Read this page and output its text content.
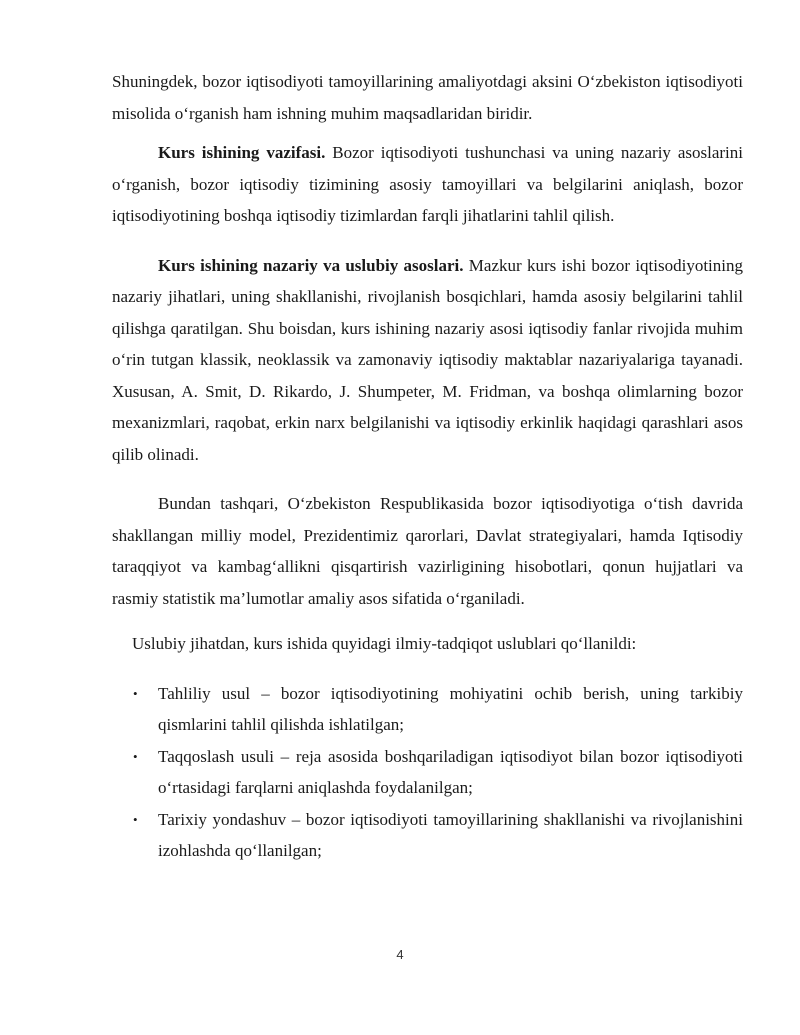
Shuningdek, bozor iqtisodiyoti tamoyillarining amaliyotdagi aksini O‘zbekiston iqtisodiyoti misolida o‘rganish ham ishning muhim maqsadlaridan biridir.

Kurs ishining vazifasi. Bozor iqtisodiyoti tushunchasi va uning nazariy asoslarini o‘rganish, bozor iqtisodiy tizimining asosiy tamoyillari va belgilarini aniqlash, bozor iqtisodiyotining boshqa iqtisodiy tizimlardan farqli jihatlarini tahlil qilish.

Kurs ishining nazariy va uslubiy asoslari. Mazkur kurs ishi bozor iqtisodiyotining nazariy jihatlari, uning shakllanishi, rivojlanish bosqichlari, hamda asosiy belgilarini tahlil qilishga qaratilgan. Shu boisdan, kurs ishining nazariy asosi iqtisodiy fanlar rivojida muhim o‘rin tutgan klassik, neoklassik va zamonaviy iqtisodiy maktablar nazariyalariga tayanadi. Xususan, A. Smit, D. Rikardo, J. Shumpeter, M. Fridman, va boshqa olimlarning bozor mexanizmlari, raqobat, erkin narx belgilanishi va iqtisodiy erkinlik haqidagi qarashlari asos qilib olinadi.

Bundan tashqari, O‘zbekiston Respublikasida bozor iqtisodiyotiga o‘tish davrida shakllangan milliy model, Prezidentimiz qarorlari, Davlat strategiyalari, hamda Iqtisodiy taraqqiyot va kambag‘allikni qisqartirish vazirligining hisobotlari, qonun hujjatlari va rasmiy statistik ma’lumotlar amaliy asos sifatida o‘rganiladi.

Uslubiy jihatdan, kurs ishida quyidagi ilmiy-tadqiqot uslublari qo‘llanildi:

• Tahliliy usul – bozor iqtisodiyotining mohiyatini ochib berish, uning tarkibiy qismlarini tahlil qilishda ishlatilgan;
• Taqqoslash usuli – reja asosida boshqariladigan iqtisodiyot bilan bozor iqtisodiyoti o‘rtasidagi farqlarni aniqlashda foydalanilgan;
• Tarixiy yondashuv – bozor iqtisodiyoti tamoyillarining shakllanishi va rivojlanishini izohlashda qo‘llanilgan;
4
